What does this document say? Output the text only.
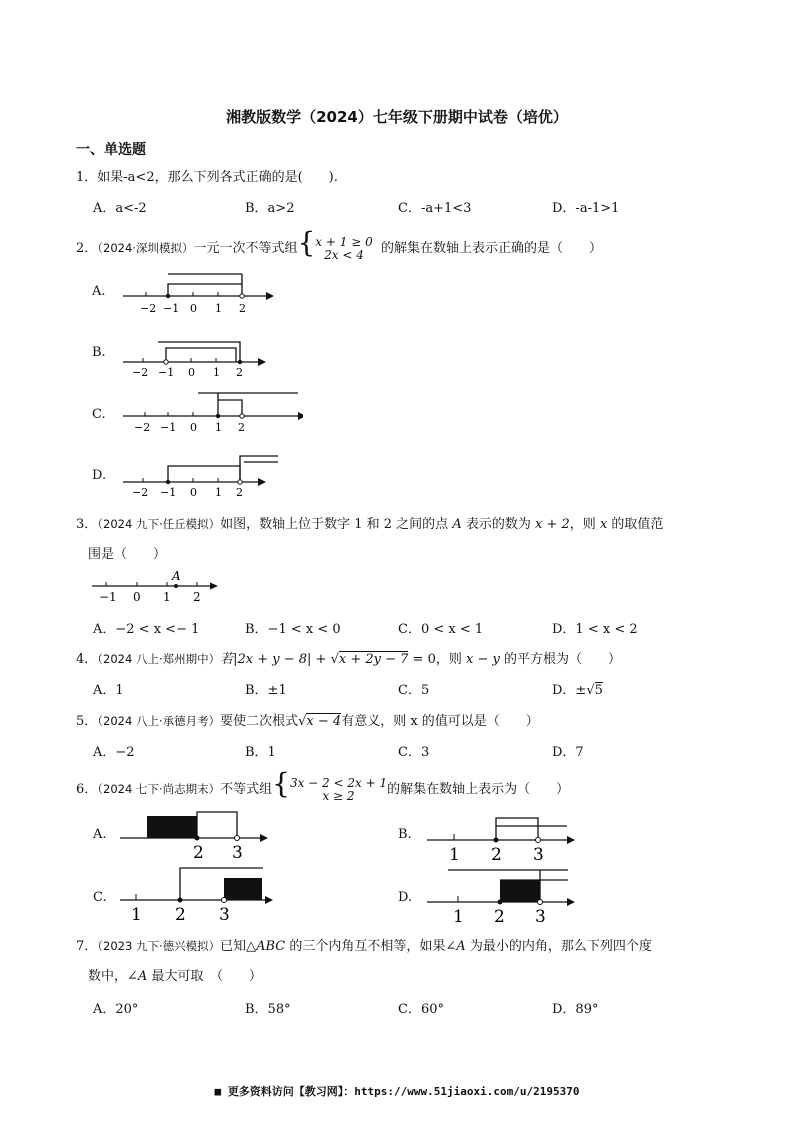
湘教版数学（2024）七年级下册期中试卷（培优）
一、单选题
1．如果-a<2，那么下列各式正确的是(　　).
A．a<-2	B．a>2	C．-a+1<3	D．-a-1>1
2．（2024·深圳模拟）一元一次不等式组{x + 1 ≥ 0
2x < 4 的解集在数轴上表示正确的是（　　）
A.
B.
C.
D.
−2 −1 0 1 2
−2 −1 0 1 2
−2 −1 0 1 2
−2 −1 0 1 2
3．（2024 九下·任丘模拟）如图，数轴上位于数字 1 和 2 之间的点 A 表示的数为 x + 2，则 x 的取值范
围是（　　）
A
−1 0 1 2
A．−2 < x <− 1	B．−1 < x < 0	C．0 < x < 1	D．1 < x < 2
4．（2024 八上·郑州期中）若|2x + y − 8| + √x + 2y − 7 = 0，则 x − y 的平方根为（　　）
A．1	B．±1	C．5	D．±√5
5．（2024 八上·承德月考）要使二次根式√x − 4有意义，则 x 的值可以是（　　）
A．−2	B．1	C．3	D．7
6．（2024 七下·尚志期末）不等式组{3x − 2 < 2x + 1
x ≥ 2	的解集在数轴上表示为（　　）
A.	B.
C.	D.
2 3	1 2 3
1 2 3	1 2 3
7．（2023 九下·德兴模拟）已知△ABC 的三个内角互不相等，如果∠A 为最小的内角，那么下列四个度
数中，∠A 最大可取　（　　）
A．20°	B．58°	C．60°	D．89°
■ 更多资料访问【教习网】：https://www.51jiaoxi.com/u/2195370
